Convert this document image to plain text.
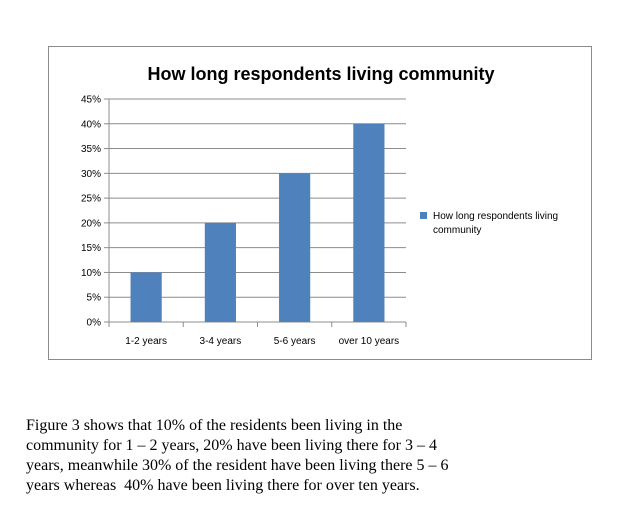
How long respondents living community
0%
5%
10%
15%
20%
25%
30%
35%
40%
45%
1-2 years	3-4 years	5-6 years over 10 years
How long respondents living community

Figure 3 shows that 10% of the residents been living in the
community for 1 – 2 years, 20% have been living there for 3 – 4
years, meanwhile 30% of the resident have been living there 5 – 6
years whereas  40% have been living there for over ten years.
